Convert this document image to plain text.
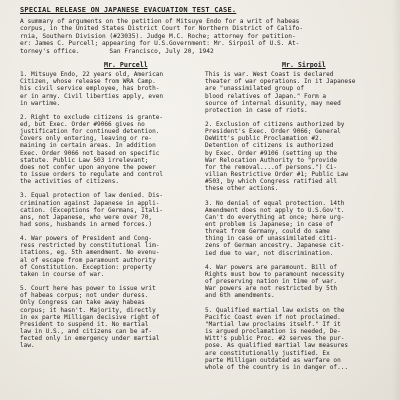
SPECIAL RELEASE ON JAPANESE EVACUATION TEST CASE.
A summary of arguments on the petition of Mitsuye Endo for a writ of habeas
corpus, in the United States District Court for Northern District of Califo-
rnia, Southern Division (#23035). Judge M.C. Roche; attorney for petition-
er: James C. Purcell; appearing for U.S.Government: Mr. Sirpoil of U.S. At-
torney's office.        San Francisco, July 20, 1942
Mr. Purcell	Mr. Sirpoil
1. Mitsuye Endo, 22 years old, American
Citizen, whose release from WRA Camp.
his civil service employee, has broth-
er in army. Civil liberties apply, even
in wartime.
2. Right to exclude citizens is grante-
ed, but Exec. Order #9066 gives no
justification for continued detention.
Covers only entering, leaving or re-
maining in certain areas. In addition
Exec. Order 9066 not based on specific
statute. Public Law 503 irrelevant;
does not confer upon anyone the power
to issue orders to regulate and control
the activities of citizens.
3. Equal protection of law denied. Dis-
crimination against Japanese in appli-
cation. (Exceptions for Germans, Itali-
ans, not Japanese, who were over 70,
had sons, husbands in armed forces.)
4. War powers of President and Cong-
ress restricted by constitutional lim-
itations, eg. 5th amendment. No evenu-
al of escape from paramount authority
of Constitution. Exception: property
taken in course of war.
5. Court here has power to issue writ
of habeas corpus; not under duress.
Only Congress can take away habeas
corpus; it hasn't. Majority, directly
in ex parte Milligan decisive right of
President to suspend it. No martial
law in U.S., and citizens can be af-
fected only in emergency under martial
law.
This is war. West Coast is declared
theater of war operations. In it Japanese
are "unassimilated group of
blood relatives of Japan." Form a
source of internal disunity, may need
protection in case of riots.
2. Exclusion of citizens authorized by
President's Exec. Order 9066; General
DeWitt's public Proclamation #2.
Detention of citizens is authorized
by Exec. Order #9106 (setting up the
War Relocation Authority to "provide
for the removal....of persons.") Ci-
vilian Restrictive Order #1; Public Law
#503, by which Congress ratified all
these other actions.
3. No denial of equal protection. 14th
Amendment does not apply to U.S.Gov't.
Can't do everything at once; here urg-
ent problem is Japanese; in case of
threat from Germany, could do same
thing in case of unassimilated citi-
zens of German ancestry. Japanese cit-
ied due to war, not discrimination.
4. War powers are paramount. Bill of
Rights must bow to paramount necessity
of preserving nation in time of war.
War powers are not restricted by 5th
and 6th amendments.
5. Qualified martial law exists on the
Pacific Coast even if not proclaimed.
"Martial law proclaims itself." If it
is argued proclamation is needed, De-
Witt's public Proc. #2 serves the pur-
pose. As qualified martial law measures
are constitutionally justified. Ex
parte Milligan outdated as warfare on
whole of the country is in danger of...
